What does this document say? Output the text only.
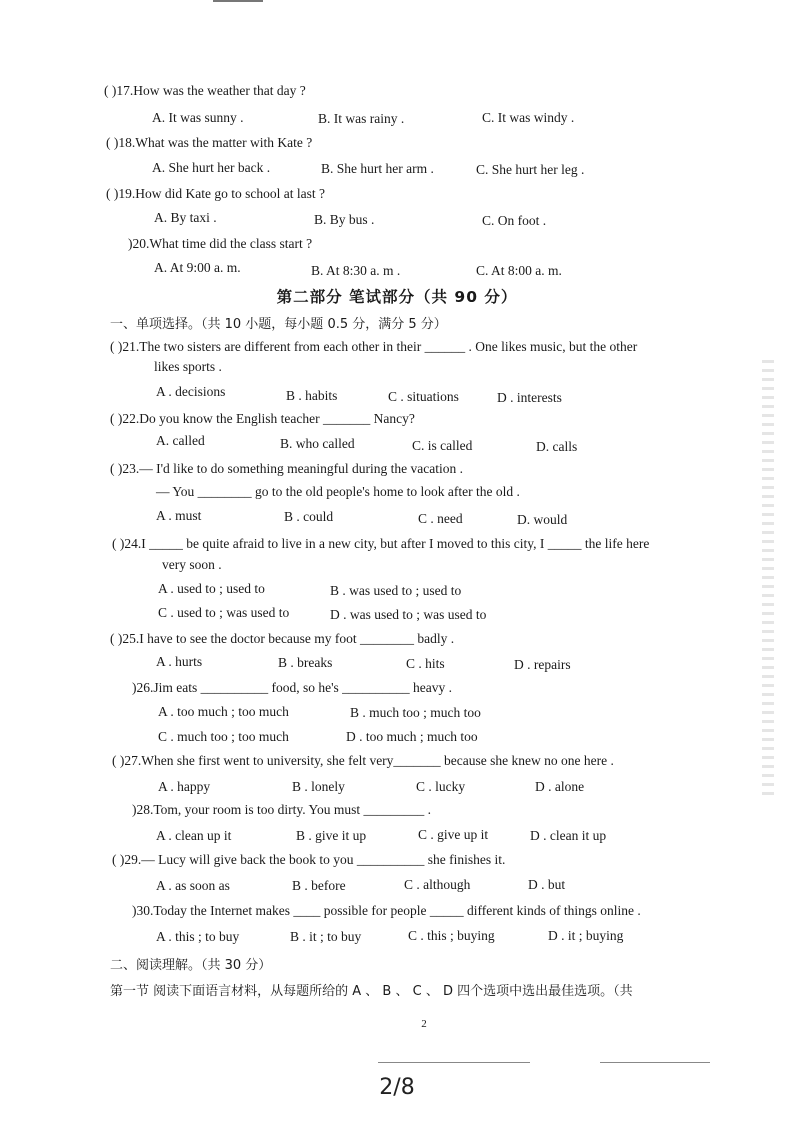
( )17.How was the weather that day ?
A. It was sunny .	B. It was rainy .	C. It was windy .
( )18.What was the matter with Kate ?
A. She hurt her back .	B. She hurt her arm .	C. She hurt her leg .
( )19.How did Kate go to school at last ?
A. By taxi .	B. By bus .	C. On foot .
)20.What time did the class start ?
A. At 9:00 a. m.	B. At 8:30 a. m .	C. At 8:00 a. m.
第二部分 笔试部分（共 90 分）
一、单项选择。（共 10 小题，每小题 0.5 分，满分 5 分）
( )21.The two sisters are different from each other in their ______ . One likes music, but the other
likes sports .
A . decisions	B . habits	C . situations	D . interests
( )22.Do you know the English teacher _______ Nancy?
A. called	B. who called	C. is called	D. calls
( )23.— I'd like to do something meaningful during the vacation .
— You ________ go to the old people's home to look after the old .
A . must	B . could	C . need	D. would
( )24.I _____ be quite afraid to live in a new city, but after I moved to this city, I _____ the life here
very soon .
A . used to ; used to	B . was used to ; used to
C . used to ; was used to	D . was used to ; was used to
( )25.I have to see the doctor because my foot ________ badly .
A . hurts	B . breaks	C . hits	D . repairs
)26.Jim eats __________ food, so he's __________ heavy .
A . too much ; too much	B . much too ; much too
C . much too ; too much	D . too much ; much too
( )27.When she first went to university, she felt very_______ because she knew no one here .
A . happy	B . lonely	C . lucky	D . alone
)28.Tom, your room is too dirty. You must _________ .
A . clean up it	B . give it up	C . give up it	D . clean it up
( )29.— Lucy will give back the book to you __________ she finishes it.
A . as soon as	B . before	C . although	D . but
)30.Today the Internet makes ____ possible for people _____ different kinds of things online .
A . this ; to buy	B . it ; to buy	C . this ; buying	D . it ; buying
二、阅读理解。（共 30 分）
第一节 阅读下面语言材料，从每题所给的 A 、 B 、 C 、 D 四个选项中选出最佳选项。（共
2
2/8
